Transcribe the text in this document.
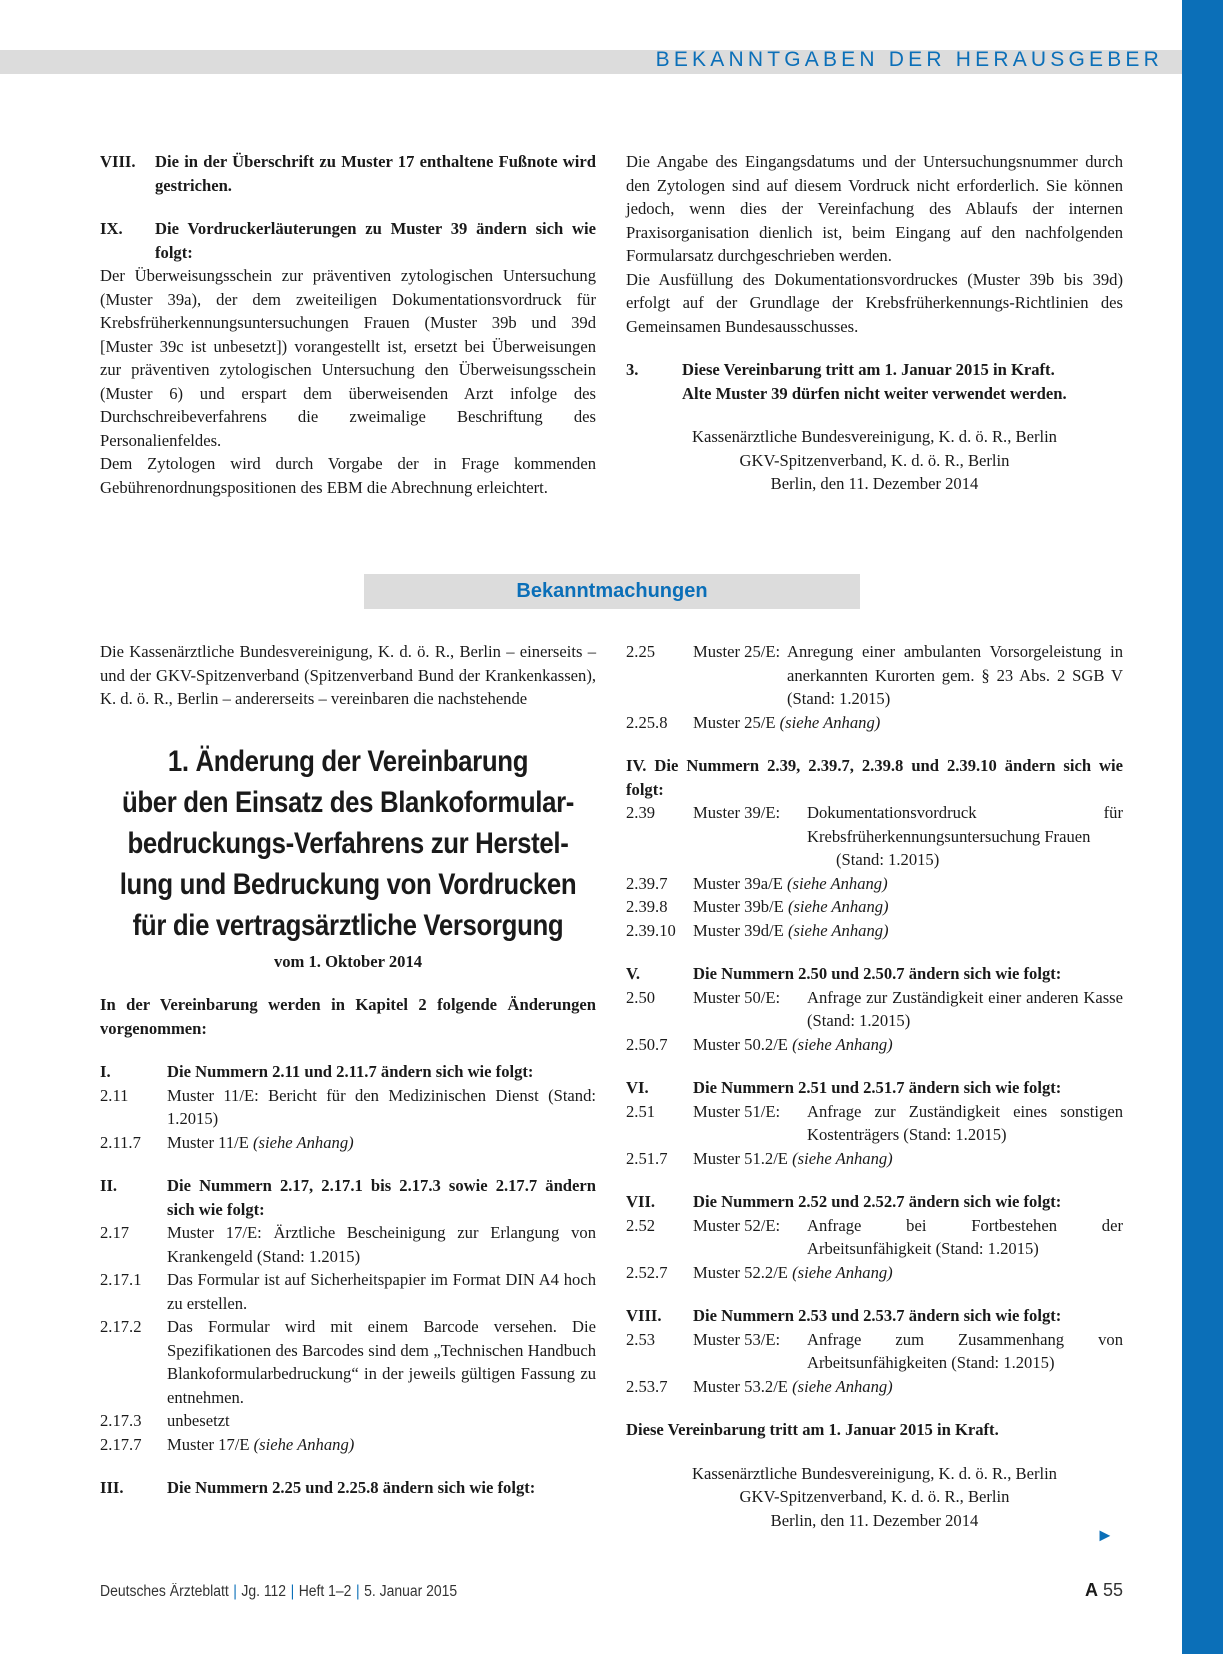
BEKANNTGABEN DER HERAUSGEBER
VIII.	Die in der Überschrift zu Muster 17 enthaltene Fußnote wird gestrichen.
IX.	Die Vordruckerläuterungen zu Muster 39 ändern sich wie folgt:

Der Überweisungsschein zur präventiven zytologischen Untersuchung (Muster 39a), der dem zweiteiligen Dokumentationsvordruck für Krebsfrüherkennungsuntersuchungen Frauen (Muster 39b und 39d [Muster 39c ist unbesetzt]) vorangestellt ist, ersetzt bei Überweisungen zur präventiven zytologischen Untersuchung den Überweisungsschein (Muster 6) und erspart dem überweisenden Arzt infolge des Durchschreibeverfahrens die zweimalige Beschriftung des Personalienfeldes.

Dem Zytologen wird durch Vorgabe der in Frage kommenden Gebührenordnungspositionen des EBM die Abrechnung erleichtert.

Die Angabe des Eingangsdatums und der Untersuchungsnummer durch den Zytologen sind auf diesem Vordruck nicht erforderlich. Sie können jedoch, wenn dies der Vereinfachung des Ablaufs der internen Praxisorganisation dienlich ist, beim Eingang auf den nachfolgenden Formularsatz durchgeschrieben werden.

Die Ausfüllung des Dokumentationsvordruckes (Muster 39b bis 39d) erfolgt auf der Grundlage der Krebsfrüherkennungs-Richtlinien des Gemeinsamen Bundesausschusses.

3.	Diese Vereinbarung tritt am 1. Januar 2015 in Kraft.
Alte Muster 39 dürfen nicht weiter verwendet werden.
Kassenärztliche Bundesvereinigung, K. d. ö. R., Berlin
GKV-Spitzenverband, K. d. ö. R., Berlin
Berlin, den 11. Dezember 2014
Bekanntmachungen

Die Kassenärztliche Bundesvereinigung, K. d. ö. R., Berlin – einerseits – und der GKV-Spitzenverband (Spitzenverband Bund der Krankenkassen), K. d. ö. R., Berlin – andererseits – vereinbaren die nachstehende

1. Änderung der Vereinbarung
über den Einsatz des Blankoformular-
bedruckungs-Verfahrens zur Herstel-
lung und Bedruckung von Vordrucken
für die vertragsärztliche Versorgung
vom 1. Oktober 2014

In der Vereinbarung werden in Kapitel 2 folgende Änderungen vorgenommen:

I.	Die Nummern 2.11 und 2.11.7 ändern sich wie folgt:
2.11	Muster 11/E: Bericht für den Medizinischen Dienst (Stand: 1.2015)
2.11.7	Muster 11/E (siehe Anhang)
II.	Die Nummern 2.17, 2.17.1 bis 2.17.3 sowie 2.17.7 ändern sich wie folgt:
2.17	Muster 17/E: Ärztliche Bescheinigung zur Erlangung von Krankengeld (Stand: 1.2015)
2.17.1	Das Formular ist auf Sicherheitspapier im Format DIN A4 hoch zu erstellen.
2.17.2	Das Formular wird mit einem Barcode versehen. Die Spezifikationen des Barcodes sind dem „Technischen Handbuch Blankoformularbedruckung“ in der jeweils gültigen Fassung zu entnehmen.
2.17.3	unbesetzt
2.17.7	Muster 17/E (siehe Anhang)
III.	Die Nummern 2.25 und 2.25.8 ändern sich wie folgt:
2.25	Muster 25/E: Anregung einer ambulanten Vorsorgeleistung in anerkannten Kurorten gem. § 23 Abs. 2 SGB V (Stand: 1.2015)
2.25.8	Muster 25/E (siehe Anhang)

IV. Die Nummern 2.39, 2.39.7, 2.39.8 und 2.39.10 ändern sich wie folgt:

2.39	Muster 39/E:	Dokumentationsvordruck für Krebsfrüherkennungsuntersuchung Frauen
(Stand: 1.2015)
2.39.7	Muster 39a/E (siehe Anhang)
2.39.8	Muster 39b/E (siehe Anhang)
2.39.10	Muster 39d/E (siehe Anhang)
V.	Die Nummern 2.50 und 2.50.7 ändern sich wie folgt:
2.50	Muster 50/E:	Anfrage zur Zuständigkeit einer anderen Kasse (Stand: 1.2015)
2.50.7	Muster 50.2/E (siehe Anhang)
VI.	Die Nummern 2.51 und 2.51.7 ändern sich wie folgt:
2.51	Muster 51/E:	Anfrage zur Zuständigkeit eines sonstigen Kostenträgers (Stand: 1.2015)
2.51.7	Muster 51.2/E (siehe Anhang)
VII.	Die Nummern 2.52 und 2.52.7 ändern sich wie folgt:
2.52	Muster 52/E:	Anfrage bei Fortbestehen der Arbeitsunfähigkeit (Stand: 1.2015)
2.52.7	Muster 52.2/E (siehe Anhang)
VIII.	Die Nummern 2.53 und 2.53.7 ändern sich wie folgt:
2.53	Muster 53/E:	Anfrage zum Zusammenhang von Arbeitsunfähigkeiten (Stand: 1.2015)
2.53.7	Muster 53.2/E (siehe Anhang)

Diese Vereinbarung tritt am 1. Januar 2015 in Kraft.

Kassenärztliche Bundesvereinigung, K. d. ö. R., Berlin
GKV-Spitzenverband, K. d. ö. R., Berlin
Berlin, den 11. Dezember 2014
►
Deutsches Ärzteblatt | Jg. 112 | Heft 1–2 | 5. Januar 2015	A 55
